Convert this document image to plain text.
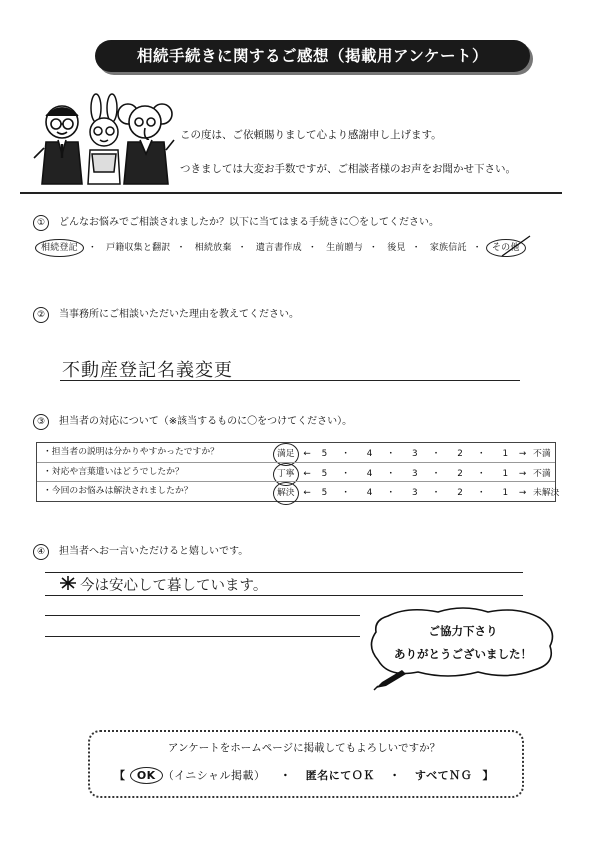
相続手続きに関するご感想（掲載用アンケート）
この度は、ご依頼賜りまして心より感謝申し上げます。
つきましては大変お手数ですが、ご相談者様のお声をお聞かせ下さい。
① どんなお悩みでご相談されましたか？以下に当てはまる手続きに〇をしてください。
相続登記 ・ 戸籍収集と翻訳 ・ 相続放棄 ・ 遺言書作成 ・ 生前贈与 ・ 後見 ・ 家族信託 ・ その他
② 当事務所にご相談いただいた理由を教えてください。
不動産登記名義変更
③ 担当者の対応について（※該当するものに〇をつけてください）。
・担当者の説明は分かりやすかったですか？	満足 ← 5 ・ 4 ・ 3 ・ 2 ・ 1 → 不満
・対応や言葉遣いはどうでしたか？	丁寧 ← 5 ・ 4 ・ 3 ・ 2 ・ 1 → 不満
・今回のお悩みは解決されましたか？	解決 ← 5 ・ 4 ・ 3 ・ 2 ・ 1 → 未解決
④ 担当者へお一言いただけると嬉しいです。
今は安心して暮しています。
ご協力下さり
ありがとうございました！
アンケートをホームページに掲載してもよろしいですか？
【 OK （イニシャル掲載） ・ 匿名にてＯＫ ・ すべてＮＧ 】
